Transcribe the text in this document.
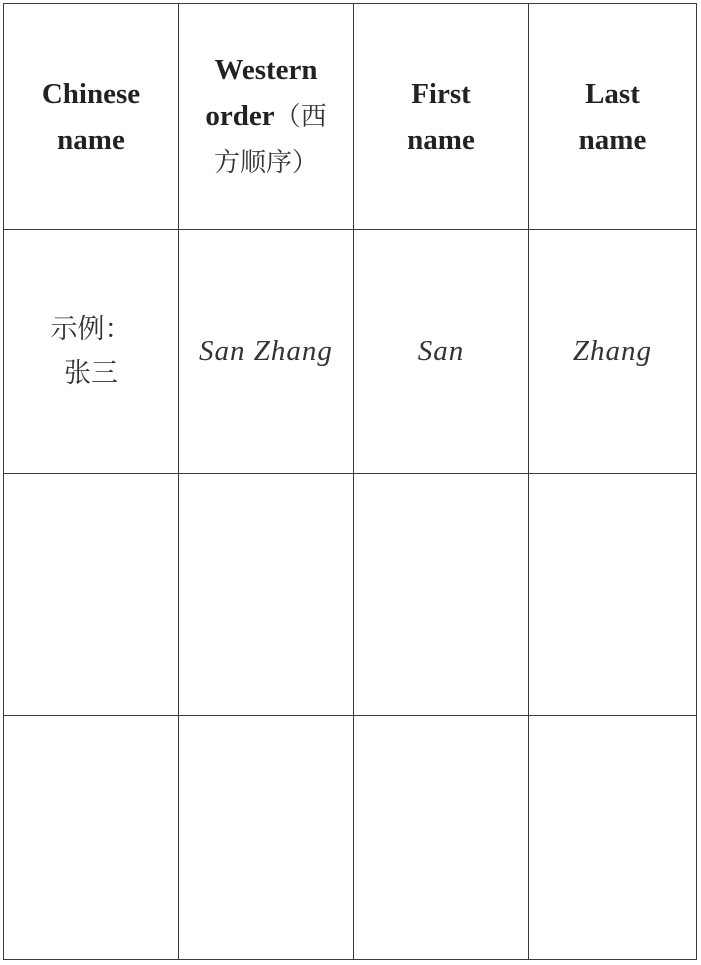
Chinese
name	Western
order（西
方顺序）	First
name	Last
name

示例：
张三	San Zhang	San	Zhang
